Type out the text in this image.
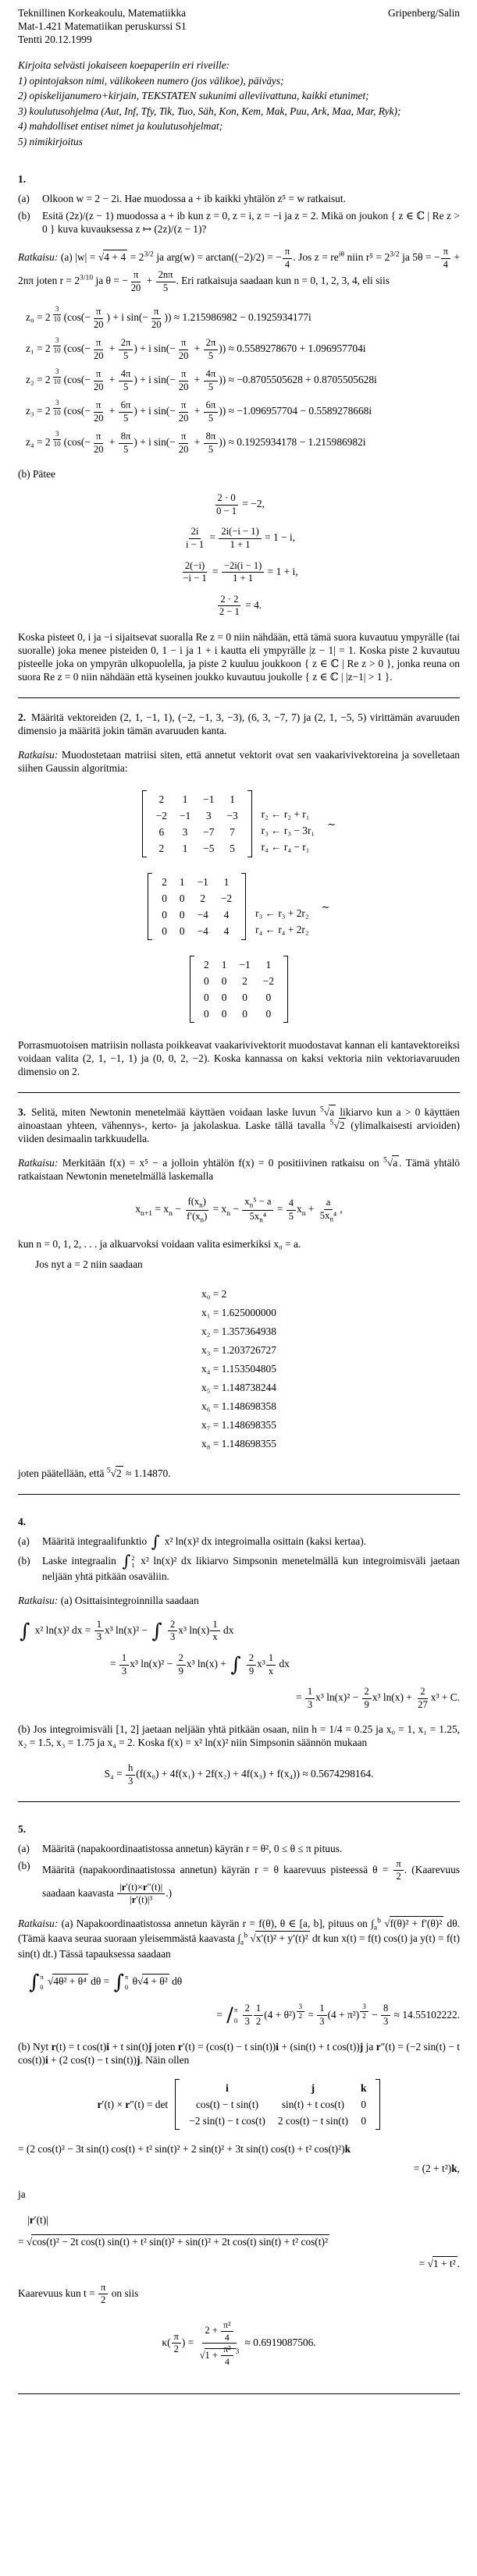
Teknillinen Korkeakoulu, Matematiikka	Gripenberg/Salin
Mat-1.421 Matematiikan peruskurssi S1
Tentti 20.12.1999
Kirjoita selvästi jokaiseen koepaperiin eri riveille:
1) opintojakson nimi, välikokeen numero (jos välikoe), päiväys;
2) opiskelijanumero+kirjain, TEKSTATEN sukunimi alleviivattuna, kaikki etunimet;
3) koulutusohjelma (Aut, Inf, Tfy, Tik, Tuo, Säh, Kon, Kem, Mak, Puu, Ark, Maa, Mar, Ryk);
4) mahdolliset entiset nimet ja koulutusohjelmat;
5) nimikirjoitus
1.
(a)	Olkoon w = 2 − 2i. Hae muodossa a + ib kaikki yhtälön z⁵ = w ratkaisut.
(b)	Esitä (2z)/(z − 1) muodossa a + ib kun z = 0, z = i, z = −i ja z = 2. Mikä on joukon { z ∈ ℂ | Re z > 0 } kuva kuvauksessa z ↦ (2z)/(z − 1)?

Ratkaisu: (a) $|w| = √4 + 4 = 2^{3/2}$ ja arg(w) = arctan((−2)/2) = − $\frac{\pi}{4}$ . Jos $z = re^{i\theta}$ niin $r^5 = 2^{3/2}$ ja 5θ = − $\frac{\pi}{4} + 2n\pi$ joten $r = 2^{3/10}$ ja θ = − $\frac{\pi}{20} + \frac{2n\pi}{5}$ . Eri ratkaisuja saadaan kun n = 0, 1, 2, 3, 4, eli siis

z₀ = 2 $^{\frac{3}{10}}$ ($\cos(- \frac{\pi}{20}$ ) + i $\sin(- \frac{\pi}{20}$ )) ≈ 1.215986982 − 0.1925934177i
z₁ = 2 $^{\frac{3}{10}}$ ($\cos(- \frac{\pi}{20} + \frac{2\pi}{5}$ ) + i $\sin(- \frac{\pi}{20} + \frac{2\pi}{5}$ )) ≈ 0.5589278670 + 1.096957704i
z₂ = 2 $^{\frac{3}{10}}$ ($\cos(- \frac{\pi}{20} + \frac{4\pi}{5}$ ) + i $\sin(- \frac{\pi}{20} + \frac{4\pi}{5}$ )) ≈ −0.8705505628 + 0.8705505628i
z₃ = 2 $^{\frac{3}{10}}$ ($\cos(- \frac{\pi}{20} + \frac{6\pi}{5}$ ) + i $\sin(- \frac{\pi}{20} + \frac{6\pi}{5}$ )) ≈ −1.096957704 − 0.5589278668i
z₄ = 2 $^{\frac{3}{10}}$ ($\cos(- \frac{\pi}{20} + \frac{8\pi}{5}$ ) + i $\sin(- \frac{\pi}{20} + \frac{8\pi}{5}$ )) ≈ 0.1925934178 − 1.215986982i

(b) Pätee

$\frac{2 \cdot 0}{0 - 1} = -2$,
$\frac{2i}{i - 1} = \frac{2i(-i - 1)}{1 + 1} = 1 - i$,
$\frac{2(-i)}{-i - 1} = \frac{-2i(i - 1)}{1 + 1} = 1 + i$,
$\frac{2 \cdot 2}{2 - 1} = 4$.

Koska pisteet 0, i ja −i sijaitsevat suoralla Re z = 0 niin nähdään, että tämä suora kuvautuu ympyrälle (tai suoralle) joka menee pisteiden 0, 1 − i ja 1 + i kautta eli ympyrälle |z − 1| = 1. Koska piste 2 kuvautuu pisteelle joka on ympyrän ulkopuolella, ja piste 2 kuuluu joukkoon { z ∈ ℂ | Re z > 0 }, jonka reuna on suora Re z = 0 niin nähdään että kyseinen joukko kuvautuu joukolle { z ∈ ℂ | |z−1| > 1 }.

2. Määritä vektoreiden (2, 1, −1, 1), (−2, −1, 3, −3), (6, 3, −7, 7) ja (2, 1, −5, 5) virittämän avaruuden dimensio ja määritä jokin tämän avaruuden kanta.

Ratkaisu: Muodostetaan matriisi siten, että annetut vektorit ovat sen vaakarivivektoreina ja sovelletaan siihen Gaussin algoritmia:

2	1	−1	1
−2	−1	3	−3
6	3	−7	7
2	1	−5	5
r₂ ← r₂ + r₁
r₃ ← r₃ − 3r₁
r₄ ← r₄ − r₁
∼
2	1	−1	1
0	0	2	−2
0	0	−4	4
0	0	−4	4
r₃ ← r₃ + 2r₂
r₄ ← r₄ + 2r₂
∼
2	1	−1	1
0	0	2	−2
0	0	0	0
0	0	0	0

Porrasmuotoisen matriisin nollasta poikkeavat vaakarivivektorit muodostavat kannan eli kantavektoreiksi voidaan valita (2, 1, −1, 1) ja (0, 0, 2, −2). Koska kannassa on kaksi vektoria niin vektoriavaruuden dimensio on 2.

3. Selitä, miten Newtonin menetelmää käyttäen voidaan laske luvun $^5$√a likiarvo kun a > 0 käyttäen ainoastaan yhteen, vähennys-, kerto- ja jakolaskua. Laske tällä tavalla $^5$√2 (ylimalkaisesti arvioiden) viiden desimaalin tarkkuudella.

Ratkaisu: Merkitään f(x) = x⁵ − a jolloin yhtälön f(x) = 0 positiivinen ratkaisu on $^5$√a . Tämä yhtälö ratkaistaan Newtonin menetelmällä laskemalla

$x_{n+1} = x_n - \frac{f(x_n)}{f'(x_n)} = x_n - \frac{x_n^5 - a}{5x_n^4} = \frac{4}{5} x_n + \frac{a}{5x_n^4}$ ,

kun n = 0, 1, 2, . . . ja alkuarvoksi voidaan valita esimerkiksi x₀ = a.

Jos nyt a = 2 niin saadaan

x₀ = 2
x₁ = 1.625000000
x₂ = 1.357364938
x₃ = 1.203726727
x₄ = 1.153504805
x₅ = 1.148738244
x₆ = 1.148698358
x₇ = 1.148698355
x₈ = 1.148698355

joten päätellään, että $^5$√2 ≈ 1.14870.

4.
(a)	Määritä integraalifunktio ∫ x² ln(x)² dx integroimalla osittain (kaksi kertaa).
(b)	Laske integraalin ∫ 2
1 x² ln(x)² dx likiarvo Simpsonin menetelmällä kun integroimisväli jaetaan neljään yhtä pitkään osaväliin.

Ratkaisu: (a) Osittaisintegroinnilla saadaan

∫ x² ln(x)² dx = $\frac{1}{3} x^3$ ln(x)² − ∫
$\frac{2}{3} x^3$ $\ln(x) \frac{1}{x}$ dx
= $\frac{1}{3} x^3$ $\ln(x)^2 - \frac{2}{9} x^3$ ln(x) + ∫
$\frac{2}{9} x^3 \frac{1}{x}$ dx
= $\frac{1}{3} x^3$ $\ln(x)^2 - \frac{2}{9} x^3$ $\ln(x) + \frac{2}{27} x^3 + C$.

(b) Jos integroimisväli [1, 2] jaetaan neljään yhtä pitkään osaan, niin h = 1/4 = 0.25 ja x₀ = 1, x₁ = 1.25, x₂ = 1.5, x₃ = 1.75 ja x₄ = 2. Koska f(x) = x² ln(x)² niin Simpsonin säännön mukaan

$S_4 = \frac{h}{3} (f(x_0) + 4f(x_1) + 2f(x_2) + 4f(x_3) + f(x_4)) \approx 0.5674298164$.
5.
(a)	Määritä (napakoordinaatistossa annetun) käyrän r = θ², 0 ≤ θ ≤ π pituus.
(b)	Määritä (napakoordinaatistossa annetun) käyrän r = θ kaarevuus pisteessä $\theta = \frac{\pi}{2}$ . (Kaarevuus saadaan kaavasta $\frac{|r'(t)\times r''(t)|}{\text{|r′(t)|³}}$ .)

Ratkaisu: (a) Napakoordinaatistossa annetun käyrän r = f(θ), θ ∈ [a, b], pituus on $\int_a^b$ √f(θ)² + f′(θ)² dθ. (Tämä kaava seuraa suoraan yleisemmästä kaavasta $\int_a^b$ √x′(t)² + y′(t)² dt kun x(t) = f(t) cos(t) ja y(t) = f(t) sin(t) dt.) Tässä tapauksessa saadaan

∫ π
0
√4θ² + θ⁴ dθ = ∫ π
0
θ√4 + θ² dθ
= / π
0
$\frac{2}{3} \frac{1}{2} (4 + \theta^2) ^{\frac{3}{2}} = \frac{1}{3} (4 + \pi^2) ^{\frac{3}{2}} - \frac{8}{3} \approx 14.55102222$.

(b) Nyt r(t) = t cos(t)i + t sin(t)j joten r′(t) = (cos(t) − t sin(t))i + (sin(t) + t cos(t))j ja r″(t) = (−2 sin(t) − t cos(t))i + (2 cos(t) − t sin(t))j. Näin ollen

r′(t) × r″(t) = det
i	j	k
cos(t) − t sin(t)	sin(t) + t cos(t)	0
−2 sin(t) − t cos(t)	2 cos(t) − t sin(t)	0
= (2 cos(t)² − 3t sin(t) cos(t) + t² sin(t)² + 2 sin(t)² + 3t sin(t) cos(t) + t² cos(t)²)k
= (2 + t²)k,

ja

|r′(t)|
= √cos(t)² − 2t cos(t) sin(t) + t² sin(t)² + sin(t)² + 2t cos(t) sin(t) + t² cos(t)²
= √1 + t² .

Kaarevuus kun $t = \frac{\pi}{2}$ on siis

$\kappa( \frac{\pi}{2}$ ) = $\frac{2 + \frac{\text{π²}}{4}}{√1 + \frac{\text{π²}}{4} ^3} \approx 0.6919087506$.
